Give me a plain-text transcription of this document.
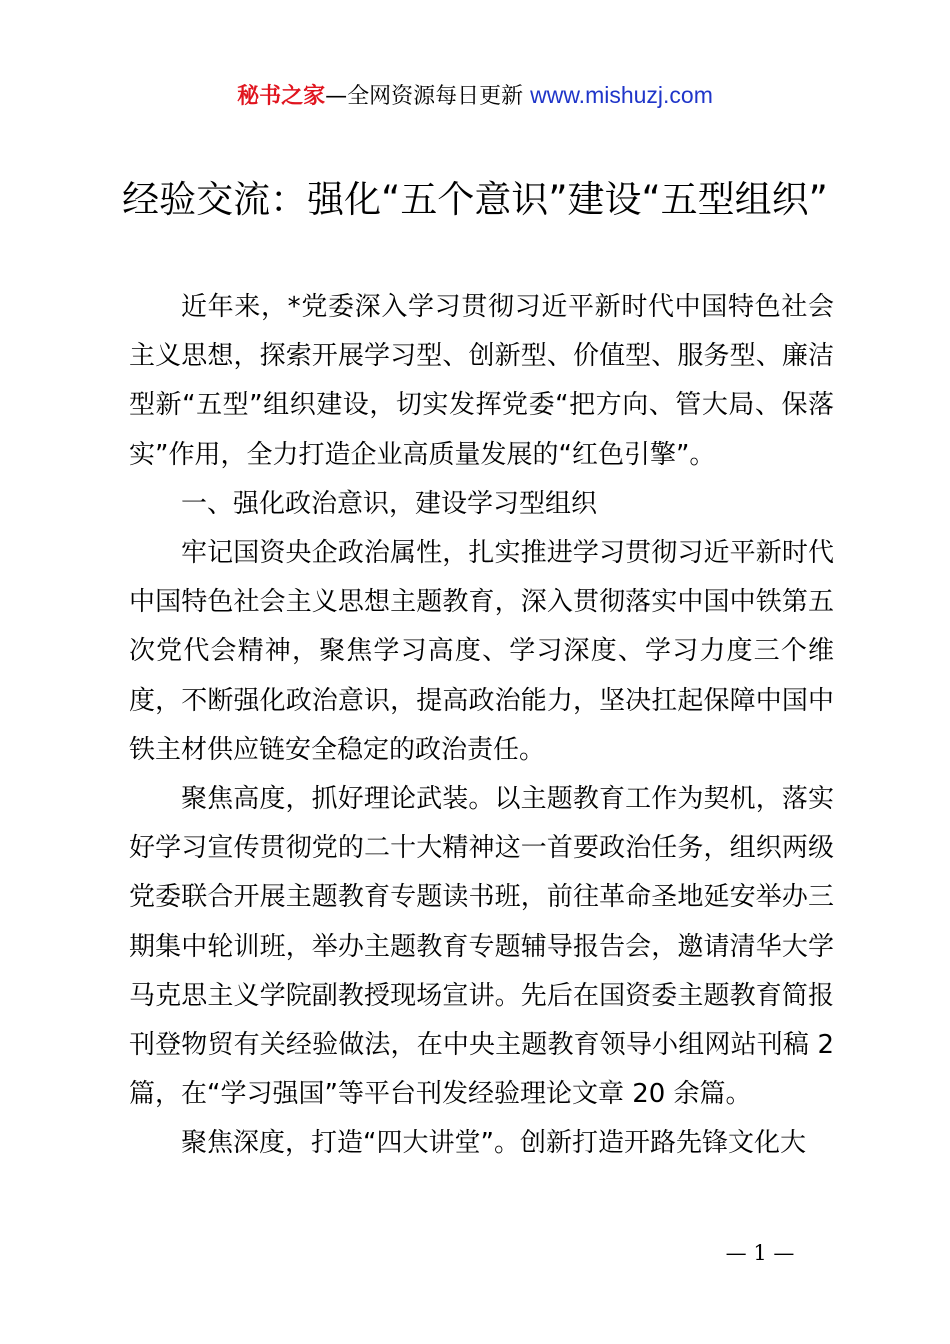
秘书之家—全网资源每日更新 www.mishuzj.com
经验交流：强化“五个意识”建设“五型组织”

近年来，*党委深入学习贯彻习近平新时代中国特色社会主义思想，探索开展学习型、创新型、价值型、服务型、廉洁型新“五型”组织建设，切实发挥党委“把方向、管大局、保落实”作用，全力打造企业高质量发展的“红色引擎”。

一、强化政治意识，建设学习型组织

牢记国资央企政治属性，扎实推进学习贯彻习近平新时代中国特色社会主义思想主题教育，深入贯彻落实中国中铁第五次党代会精神，聚焦学习高度、学习深度、学习力度三个维度，不断强化政治意识，提高政治能力，坚决扛起保障中国中铁主材供应链安全稳定的政治责任。

聚焦高度，抓好理论武装。以主题教育工作为契机，落实好学习宣传贯彻党的二十大精神这一首要政治任务，组织两级党委联合开展主题教育专题读书班，前往革命圣地延安举办三期集中轮训班，举办主题教育专题辅导报告会，邀请清华大学马克思主义学院副教授现场宣讲。先后在国资委主题教育简报刊登物贸有关经验做法，在中央主题教育领导小组网站刊稿 2 篇，在“学习强国”等平台刊发经验理论文章 20 余篇。

聚焦深度，打造“四大讲堂”。创新打造开路先锋文化大

— 1 —
